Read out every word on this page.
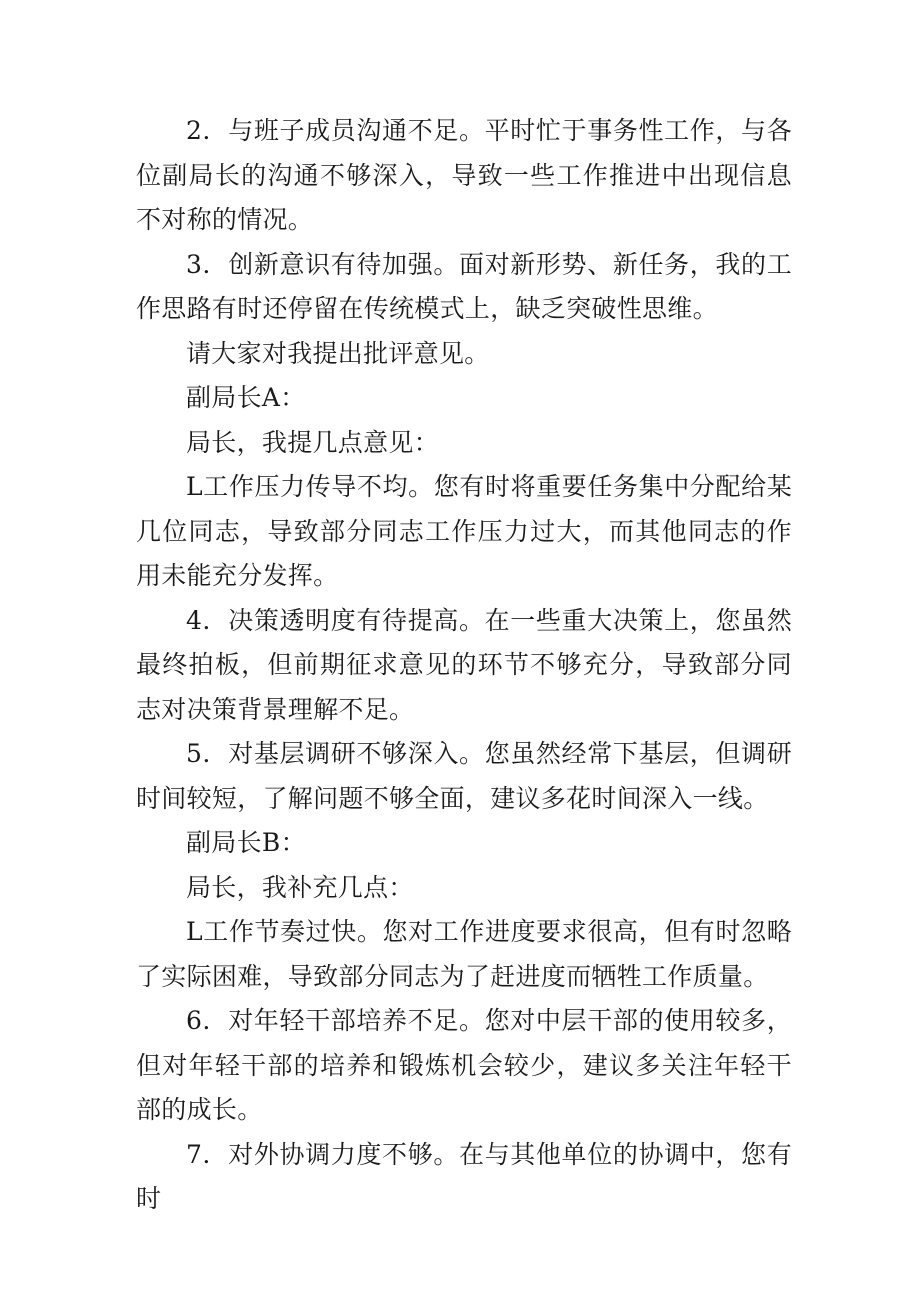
2．与班子成员沟通不足。平时忙于事务性工作，与各位副局长的沟通不够深入，导致一些工作推进中出现信息不对称的情况。

3．创新意识有待加强。面对新形势、新任务，我的工作思路有时还停留在传统模式上，缺乏突破性思维。

请大家对我提出批评意见。

副局长A：

局长，我提几点意见：

L工作压力传导不均。您有时将重要任务集中分配给某几位同志，导致部分同志工作压力过大，而其他同志的作用未能充分发挥。

4．决策透明度有待提高。在一些重大决策上，您虽然最终拍板，但前期征求意见的环节不够充分，导致部分同志对决策背景理解不足。

5．对基层调研不够深入。您虽然经常下基层，但调研时间较短，了解问题不够全面，建议多花时间深入一线。

副局长B：

局长，我补充几点：

L工作节奏过快。您对工作进度要求很高，但有时忽略了实际困难，导致部分同志为了赶进度而牺牲工作质量。

6．对年轻干部培养不足。您对中层干部的使用较多，但对年轻干部的培养和锻炼机会较少，建议多关注年轻干部的成长。

7．对外协调力度不够。在与其他单位的协调中，您有时
